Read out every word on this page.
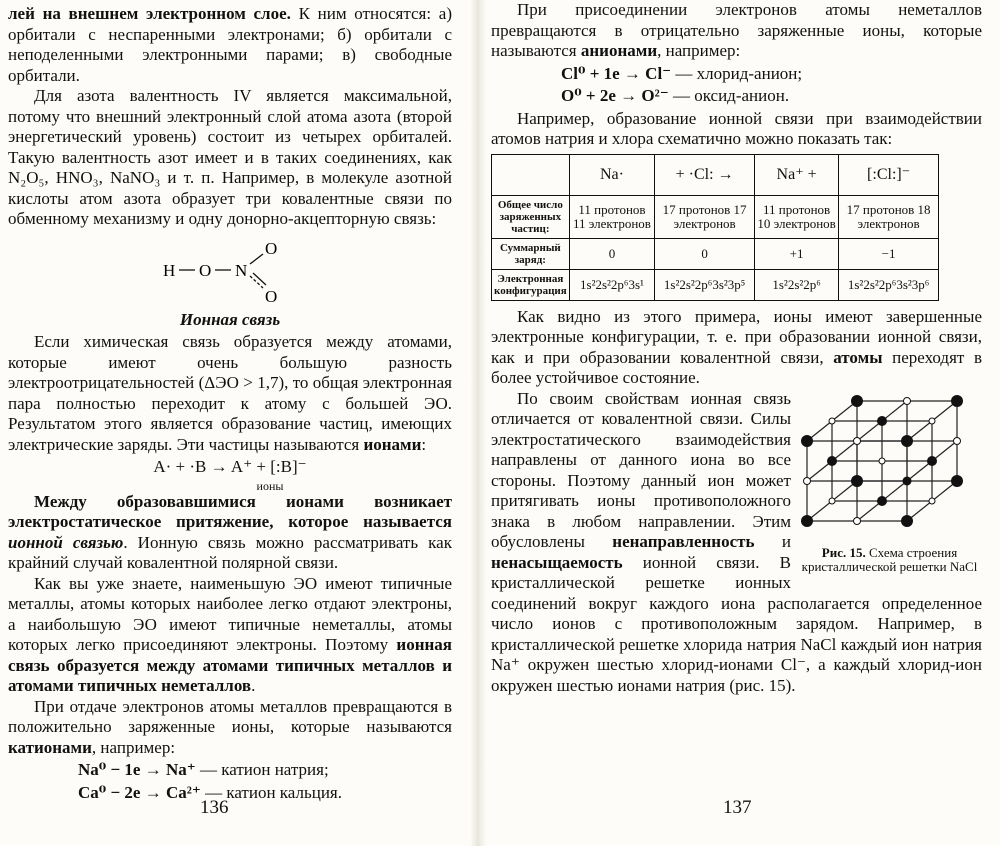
лей на внешнем электронном слое. К ним относятся: а) орбитали с неспаренными электронами; б) орбитали с неподеленными электронными парами; в) свободные орбитали.

Для азота валентность IV является максимальной, потому что внешний электронный слой атома азота (второй энергетический уровень) состоит из четырех орбиталей. Такую валентность азот имеет и в таких соединениях, как N₂O₅, HNO₃, NaNO₃ и т. п. Например, в молекуле азотной кислоты атом азота образует три ковалентные связи по обменному механизму и одну донорно-акцепторную связь:

H O N
O
O
Ионная связь

Если химическая связь образуется между атомами, которые имеют очень большую разность электроотрицательностей (ΔЭО > 1,7), то общая электронная пара полностью переходит к атому с большей ЭО. Результатом этого является образование частиц, имеющих электрические заряды. Эти частицы называются ионами:

A· + ·B → A⁺ + [:B]⁻
ионы

Между образовавшимися ионами возникает электростатическое притяжение, которое называется ионной связью. Ионную связь можно рассматривать как крайний случай ковалентной полярной связи.

Как вы уже знаете, наименьшую ЭО имеют типичные металлы, атомы которых наиболее легко отдают электроны, а наибольшую ЭО имеют типичные неметаллы, атомы которых легко присоединяют электроны. Поэтому ионная связь образуется между атомами типичных металлов и атомами типичных неметаллов.

При отдаче электронов атомы металлов превращаются в положительно заряженные ионы, которые называются катионами, например:

Na⁰ − 1e → Na⁺ — катион натрия;
Ca⁰ − 2e → Ca²⁺ — катион кальция.
136

При присоединении электронов атомы неметаллов превращаются в отрицательно заряженные ионы, которые называются анионами, например:

Cl⁰ + 1e → Cl⁻ — хлорид-анион;
O⁰ + 2e → O²⁻ — оксид-анион.

Например, образование ионной связи при взаимодействии атомов натрия и хлора схематично можно показать так:

	Na·	+ ·Cl: →	Na⁺ +	[:Cl:]⁻
Общее число заряженных частиц:	11 протонов 11 электронов	17 протонов 17 электронов	11 протонов 10 электронов	17 протонов 18 электронов
Суммарный заряд:	0	0	+1	−1
Электронная конфигурация	1s²2s²2p⁶3s¹	1s²2s²2p⁶3s²3p⁵	1s²2s²2p⁶	1s²2s²2p⁶3s²3p⁶

Как видно из этого примера, ионы имеют завершенные электронные конфигурации, т. е. при образовании ионной связи, как и при образовании ковалентной связи, атомы переходят в более устойчивое состояние.

Рис. 15. Схема строения кристаллической решетки NaCl

По своим свойствам ионная связь отличается от ковалентной связи. Силы электростатического взаимодействия направлены от данного иона во все стороны. Поэтому данный ион может притягивать ионы противоположного знака в любом направлении. Этим обусловлены ненаправленность и ненасыщаемость ионной связи. В кристаллической решетке ионных соединений вокруг каждого иона располагается определенное число ионов с противоположным зарядом. Например, в кристаллической решетке хлорида натрия NaCl каждый ион натрия Na⁺ окружен шестью хлорид-ионами Cl⁻, а каждый хлорид-ион окружен шестью ионами натрия (рис. 15).

137
